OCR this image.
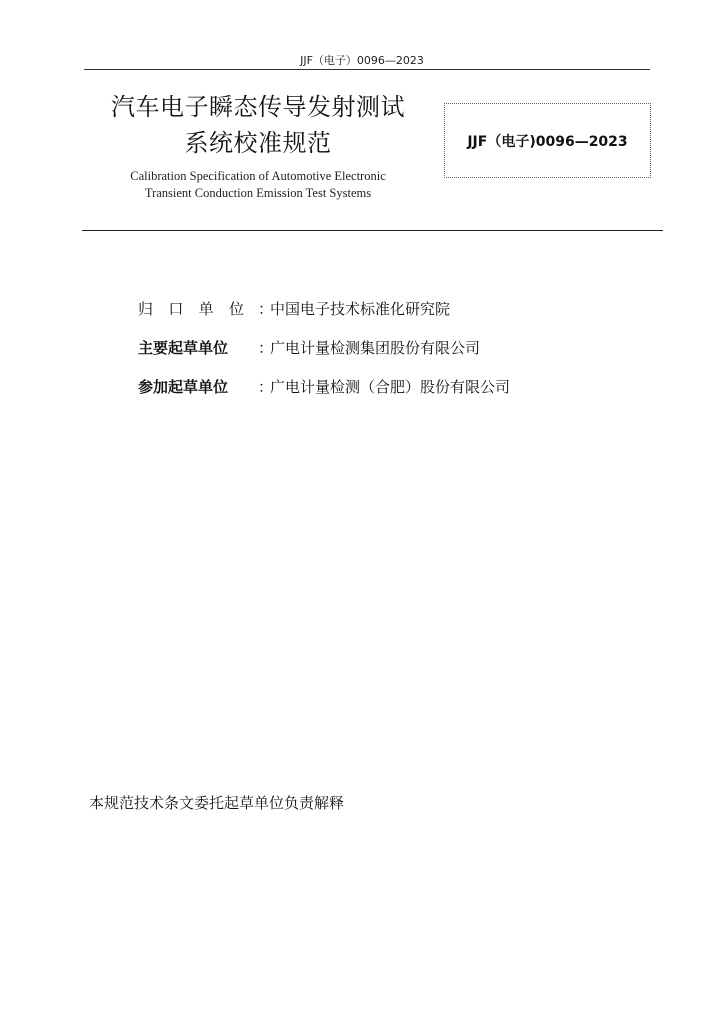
JJF（电子）0096—2023
汽车电子瞬态传导发射测试
系统校准规范
Calibration Specification of Automotive Electronic
Transient Conduction Emission Test Systems
JJF（电子)0096—2023
归 口 单 位 ：
中国电子技术标准化研究院
主要起草单位	：
广电计量检测集团股份有限公司
参加起草单位	：
广电计量检测（合肥）股份有限公司
本规范技术条文委托起草单位负责解释
